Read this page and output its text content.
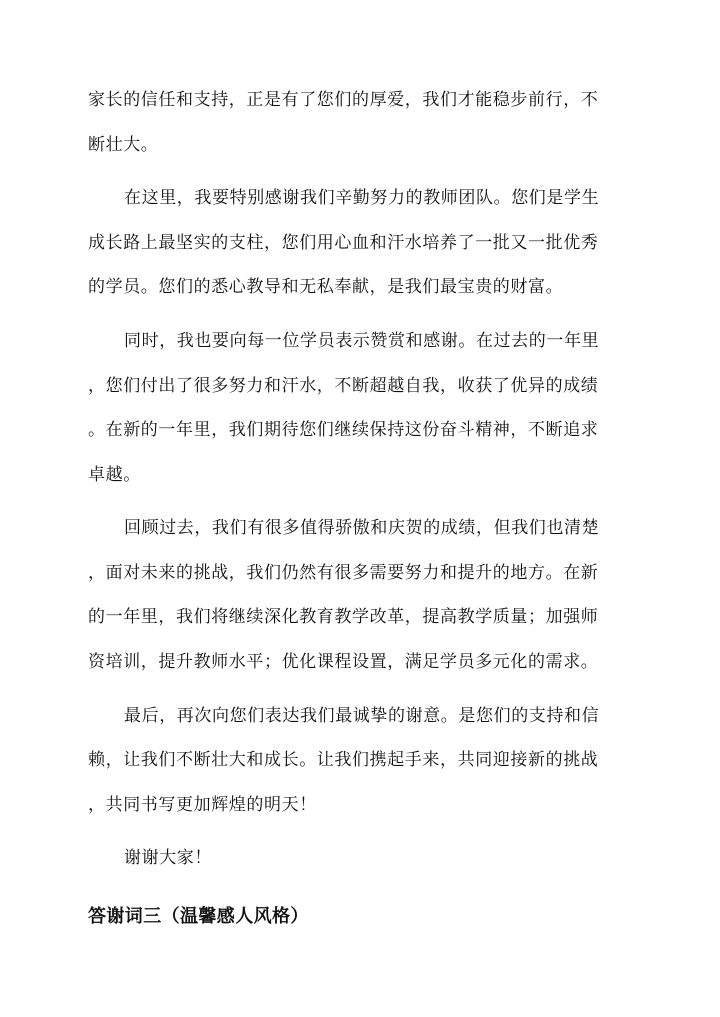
家长的信任和支持，正是有了您们的厚爱，我们才能稳步前行，不
断壮大。
在这里，我要特别感谢我们辛勤努力的教师团队。您们是学生
成长路上最坚实的支柱，您们用心血和汗水培养了一批又一批优秀
的学员。您们的悉心教导和无私奉献，是我们最宝贵的财富。
同时，我也要向每一位学员表示赞赏和感谢。在过去的一年里
，您们付出了很多努力和汗水，不断超越自我，收获了优异的成绩
。在新的一年里，我们期待您们继续保持这份奋斗精神，不断追求
卓越。
回顾过去，我们有很多值得骄傲和庆贺的成绩，但我们也清楚
，面对未来的挑战，我们仍然有很多需要努力和提升的地方。在新
的一年里，我们将继续深化教育教学改革，提高教学质量；加强师
资培训，提升教师水平；优化课程设置，满足学员多元化的需求。
最后，再次向您们表达我们最诚挚的谢意。是您们的支持和信
赖，让我们不断壮大和成长。让我们携起手来，共同迎接新的挑战
，共同书写更加辉煌的明天！
谢谢大家！
答谢词三（温馨感人风格）
